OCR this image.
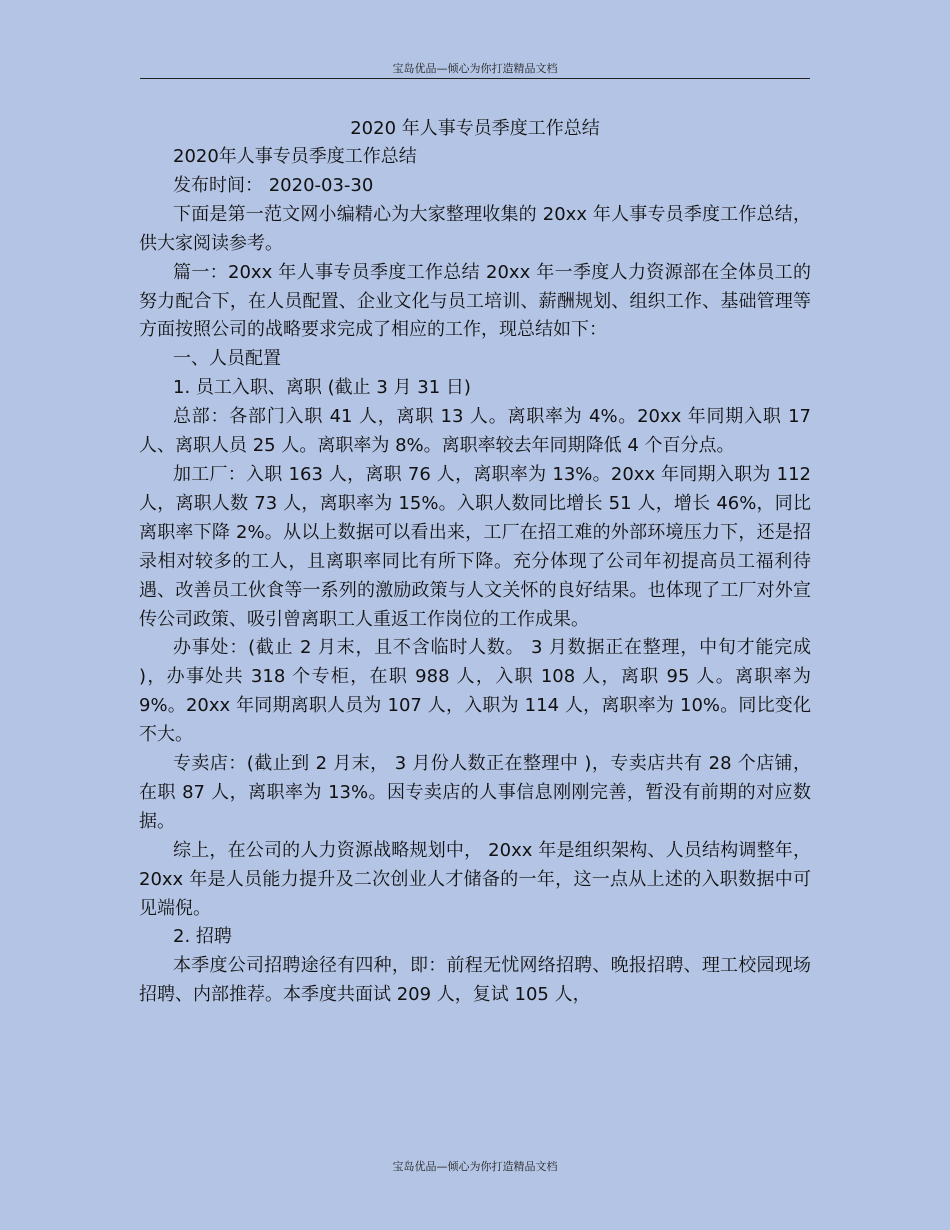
宝岛优品—倾心为你打造精品文档
2020 年人事专员季度工作总结

2020年人事专员季度工作总结

发布时间： 2020-03-30

下面是第一范文网小编精心为大家整理收集的 20xx 年人事专员季度工作总结，供大家阅读参考。

篇一：20xx 年人事专员季度工作总结 20xx 年一季度人力资源部在全体员工的努力配合下，在人员配置、企业文化与员工培训、薪酬规划、组织工作、基础管理等方面按照公司的战略要求完成了相应的工作，现总结如下：

一、人员配置

1. 员工入职、离职 (截止 3 月 31 日)

总部：各部门入职 41 人，离职 13 人。离职率为 4%。20xx 年同期入职 17 人、离职人员 25 人。离职率为 8%。离职率较去年同期降低 4 个百分点。

加工厂：入职 163 人，离职 76 人，离职率为 13%。20xx 年同期入职为 112 人，离职人数 73 人，离职率为 15%。入职人数同比增长 51 人，增长 46%，同比离职率下降 2%。从以上数据可以看出来，工厂在招工难的外部环境压力下，还是招录相对较多的工人，且离职率同比有所下降。充分体现了公司年初提高员工福利待遇、改善员工伙食等一系列的激励政策与人文关怀的良好结果。也体现了工厂对外宣传公司政策、吸引曾离职工人重返工作岗位的工作成果。

办事处：(截止 2 月末，且不含临时人数。 3 月数据正在整理，中旬才能完成 )，办事处共 318 个专柜，在职 988 人，入职 108 人，离职 95 人。离职率为 9%。20xx 年同期离职人员为 107 人，入职为 114 人，离职率为 10%。同比变化不大。

专卖店：(截止到 2 月末， 3 月份人数正在整理中 )，专卖店共有 28 个店铺，在职 87 人，离职率为 13%。因专卖店的人事信息刚刚完善，暂没有前期的对应数据。

综上，在公司的人力资源战略规划中， 20xx 年是组织架构、人员结构调整年，20xx 年是人员能力提升及二次创业人才储备的一年，这一点从上述的入职数据中可见端倪。

2. 招聘

本季度公司招聘途径有四种，即：前程无忧网络招聘、晚报招聘、理工校园现场招聘、内部推荐。本季度共面试 209 人，复试 105 人，

宝岛优品—倾心为你打造精品文档
